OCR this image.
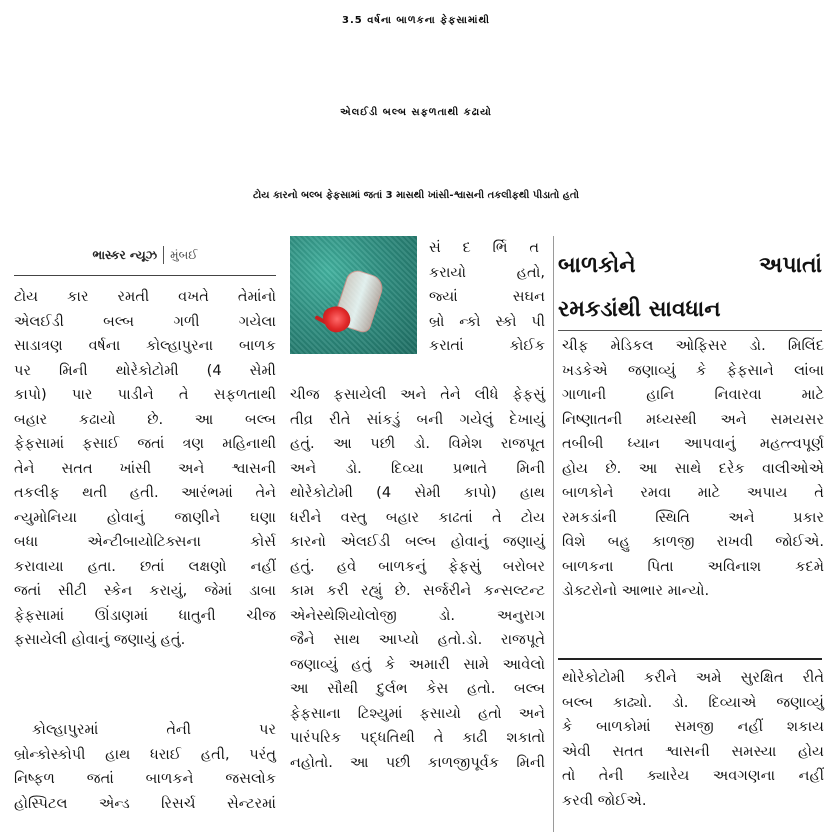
3.5 વર્ષના બાળકના ફેફસામાંથી
એલઈડી બલ્બ સફળતાથી કઢાયો
ટોય કારનો બલ્બ ફેફસામાં જતાં 3 માસથી ખાંસી-શ્વાસની તકલીફથી પીડાતો હતો
ભાસ્કર ન્યૂઝ મુંબઈ

ટોય કાર રમતી વખતે તેમાંનો

એલઈડી બલ્બ ગળી ગયેલા

સાડાત્રણ વર્ષના કોલ્હાપુરના બાળક

પર મિની થોરેકોટોમી (4 સેમી

કાપો) પાર પાડીને તે સફળતાથી

બહાર કઢાયો છે. આ બલ્બ

ફેફસામાં ફસાઈ જતાં ત્રણ મહિનાથી

તેને સતત ખાંસી અને શ્વાસની

તકલીફ થતી હતી. આરંભમાં તેને

ન્યુમોનિયા હોવાનું જાણીને ઘણા

બધા એન્ટીબાયોટિક્સના કોર્સ

કરાવાયા હતા. છતાં લક્ષણો નહીં

જતાં સીટી સ્કેન કરાયું, જેમાં ડાબા

ફેફસામાં ઊંડાણમાં ધાતુની ચીજ

ફસાયેલી હોવાનું જણાયું હતું.

કોલ્હાપુરમાં તેની પર

બ્રોન્કોસ્કોપી હાથ ધરાઈ હતી, પરંતુ

નિષ્ફળ જતાં બાળકને જસલોક

હોસ્પિટલ એન્ડ રિસર્ચ સેન્ટરમાં

સં દ ર્ભિ ત

કરાયો હતો,

જ્યાં સઘન

બ્રો ન્કો સ્કો પી

કરાતાં કોઈક

ચીજ ફસાયેલી અને તેને લીધે ફેફસું

તીવ્ર રીતે સાંકડું બની ગયેલું દેખાયું

હતું. આ પછી ડો. વિમેશ રાજપૂત

અને ડો. દિવ્યા પ્રભાતે મિની

થોરેકોટોમી (4 સેમી કાપો) હાથ

ધરીને વસ્તુ બહાર કાઢતાં તે ટોય

કારનો એલઈડી બલ્બ હોવાનું જણાયું

હતું. હવે બાળકનું ફેફસું બરોબર

કામ કરી રહ્યું છે. સર્જરીને કન્સલ્ટન્ટ

એનેસ્થેશિયોલોજી ડો. અનુરાગ

જૈને સાથ આપ્યો હતો.ડો. રાજપૂતે

જણાવ્યું હતું કે અમારી સામે આવેલો

આ સૌથી દુર્લભ કેસ હતો. બલ્બ

ફેફસાના ટિશ્યુમાં ફસાયો હતો અને

પારંપરિક પદ્ધતિથી તે કાઢી શકાતો

નહોતો. આ પછી કાળજીપૂર્વક મિની

બાળકોને	અપાતાં
રમકડાંથી સાવધાન

ચીફ મેડિકલ ઓફિસર ડો. મિલિંદ

ખડકેએ જણાવ્યું કે ફેફસાને લાંબા

ગાળાની હાનિ નિવારવા માટે

નિષ્ણાતની મધ્યસ્થી અને સમયસર

તબીબી ધ્યાન આપવાનું મહત્ત્વપૂર્ણ

હોય છે. આ સાથે દરેક વાલીઓએ

બાળકોને રમવા માટે અપાય તે

રમકડાંની સ્થિતિ અને પ્રકાર

વિશે બહુ કાળજી રાખવી જોઈએ.

બાળકના પિતા અવિનાશ કદમે

ડોક્ટરોનો આભાર માન્યો.

થોરેકોટોમી કરીને અમે સુરક્ષિત રીતે

બલ્બ કાઢ્યો. ડો. દિવ્યાએ જણાવ્યું

કે બાળકોમાં સમજી નહીં શકાય

એવી સતત શ્વાસની સમસ્યા હોય

તો તેની ક્યારેય અવગણના નહીં

કરવી જોઈએ.
